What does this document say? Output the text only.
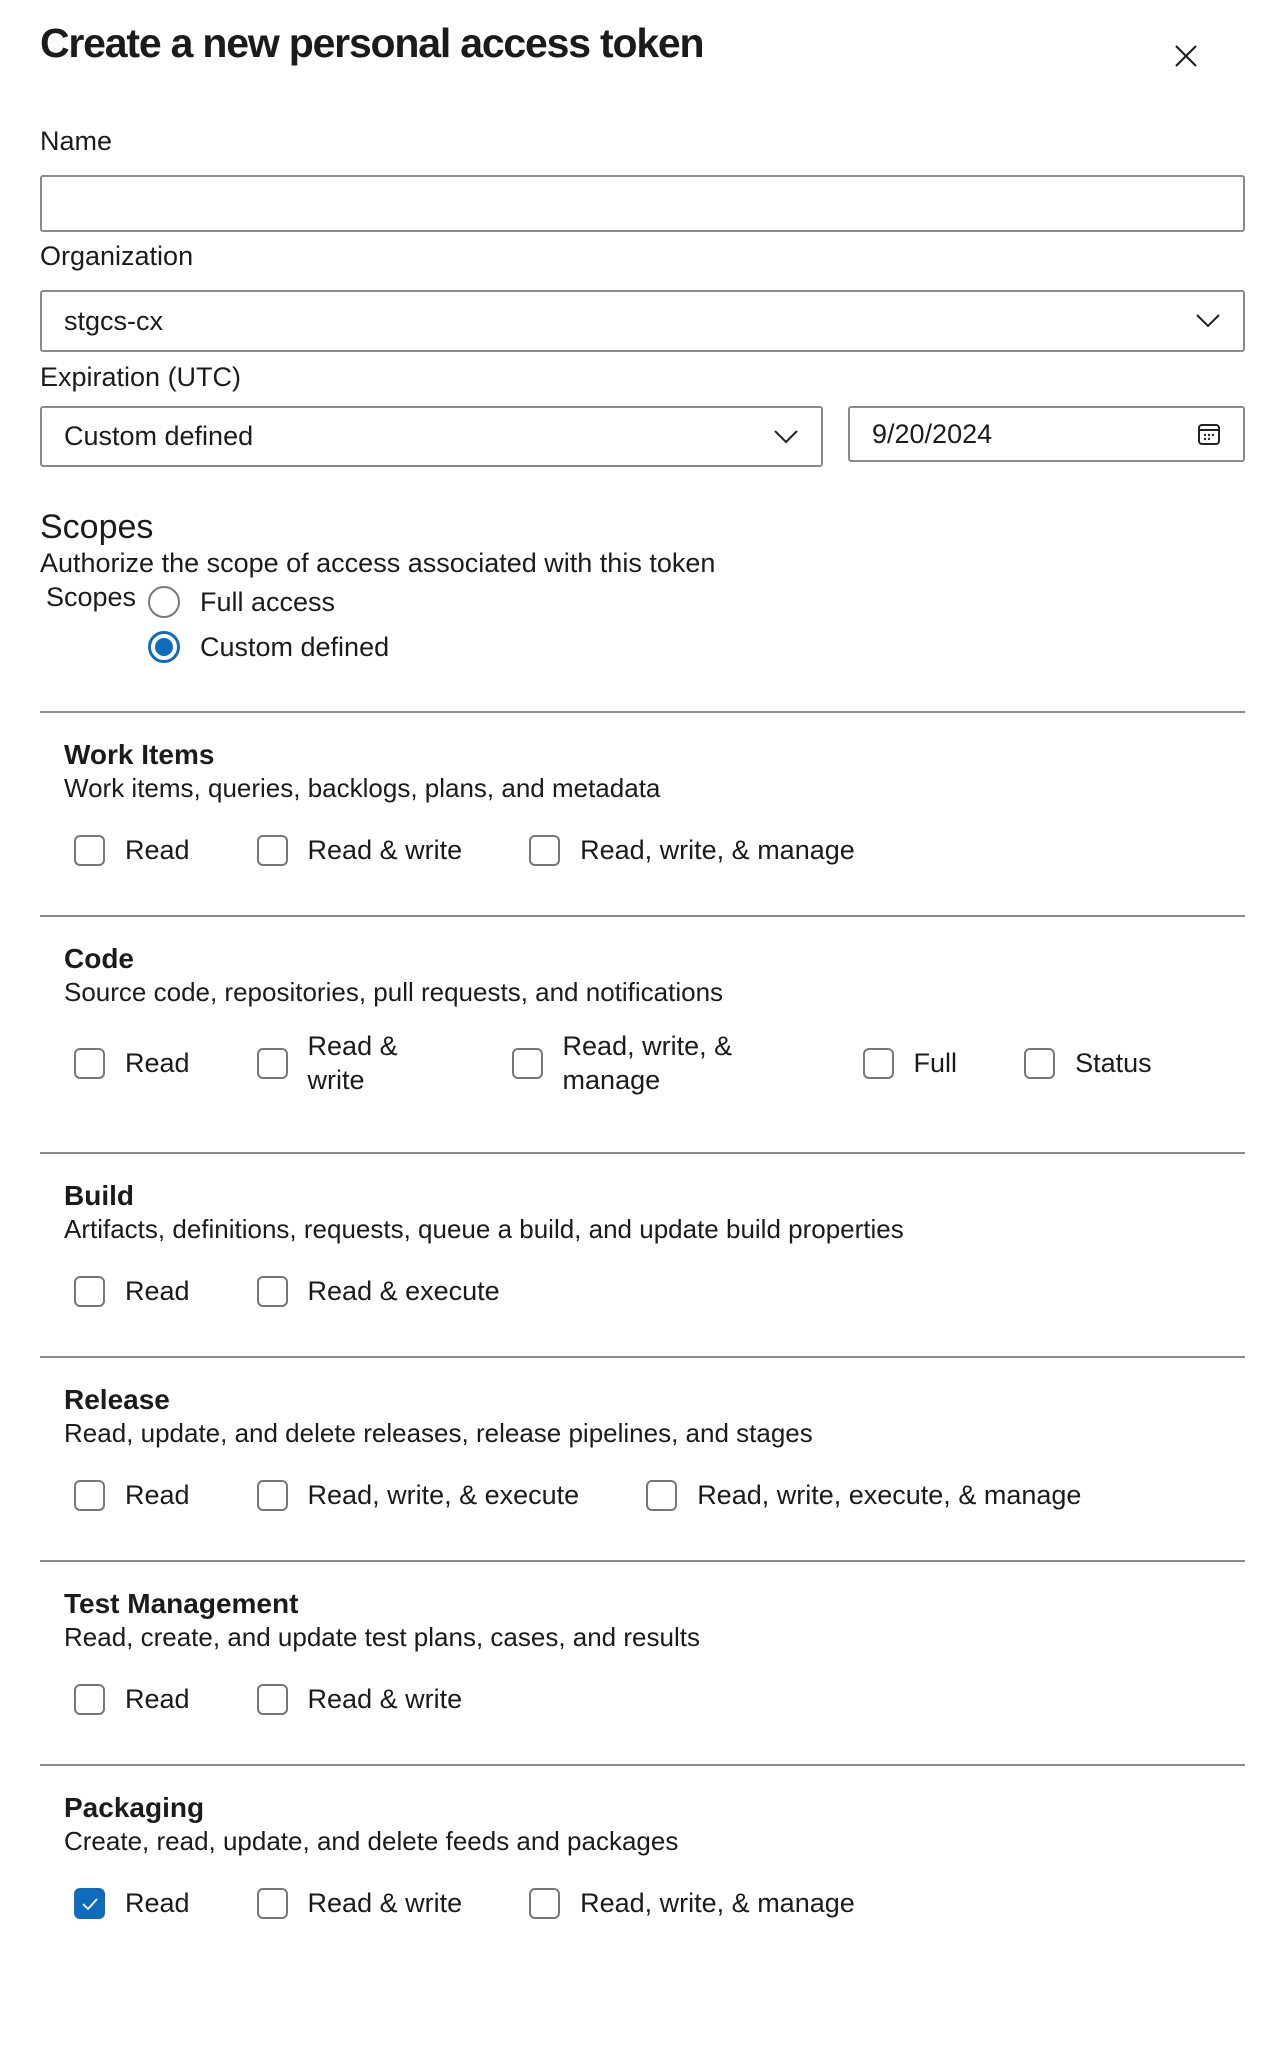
Create a new personal access token
Name
Organization
stgcs-cx
Expiration (UTC)
Custom defined	9/20/2024
Scopes
Authorize the scope of access associated with this token
Scopes Full access
Custom defined
Work Items
Work items, queries, backlogs, plans, and metadata
Read	Read & write	Read, write, & manage
Code
Source code, repositories, pull requests, and notifications
Read
Read & write
Read, write, & manage
Full	Status
Build
Artifacts, definitions, requests, queue a build, and update build properties
Read	Read & execute
Release
Read, update, and delete releases, release pipelines, and stages
Read	Read, write, & execute	Read, write, execute, & manage
Test Management
Read, create, and update test plans, cases, and results
Read	Read & write
Packaging
Create, read, update, and delete feeds and packages
Read	Read & write	Read, write, & manage
